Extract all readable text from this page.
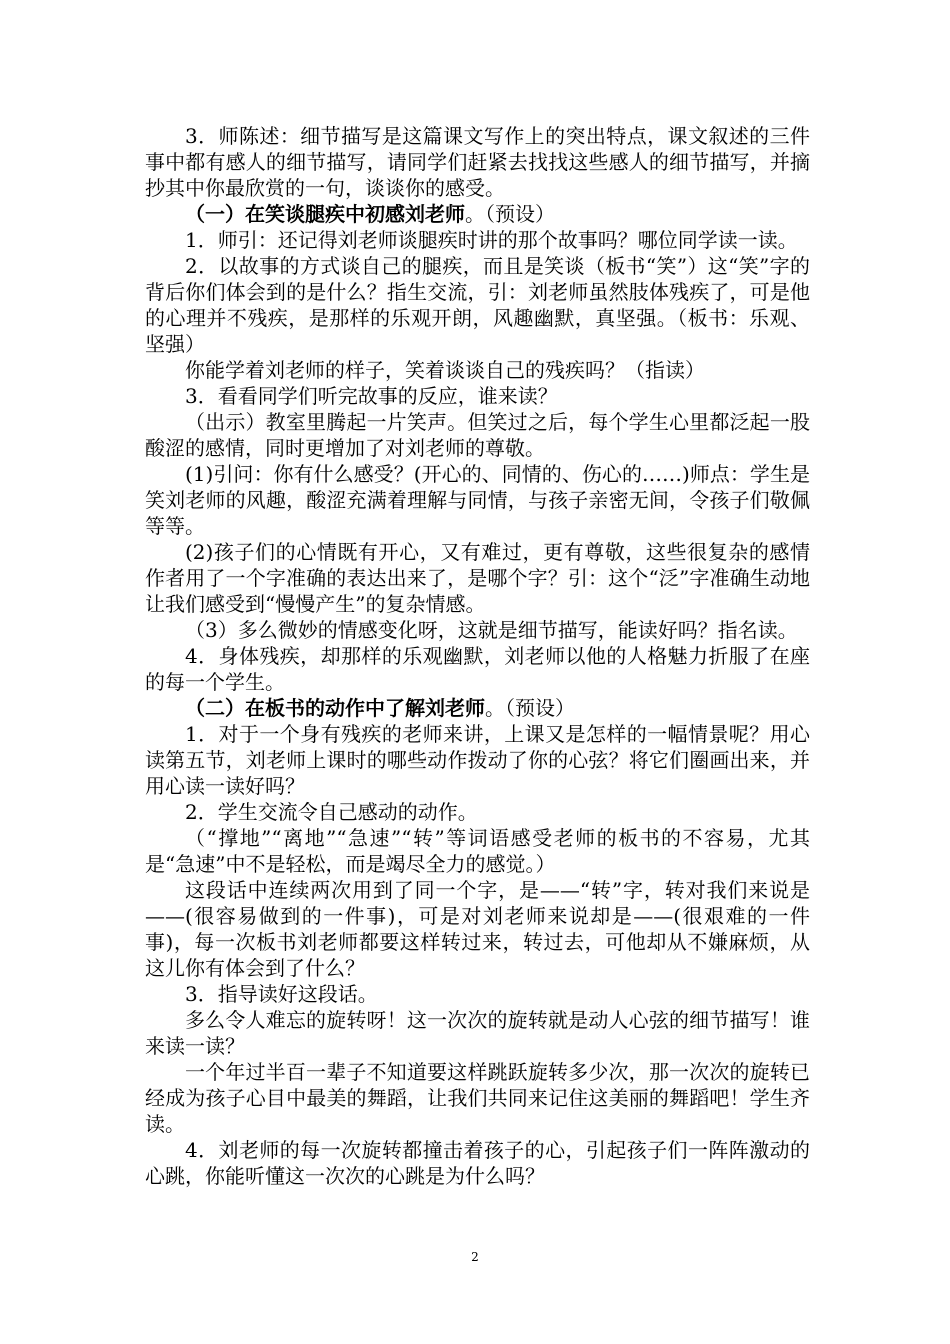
3．师陈述：细节描写是这篇课文写作上的突出特点，课文叙述的三件事中都有感人的细节描写，请同学们赶紧去找找这些感人的细节描写，并摘抄其中你最欣赏的一句，谈谈你的感受。

（一）在笑谈腿疾中初感刘老师。（预设）

1．师引：还记得刘老师谈腿疾时讲的那个故事吗？哪位同学读一读。

2．以故事的方式谈自己的腿疾，而且是笑谈（板书“笑”）这“笑”字的背后你们体会到的是什么？指生交流，引：刘老师虽然肢体残疾了，可是他的心理并不残疾，是那样的乐观开朗，风趣幽默，真坚强。（板书：乐观、坚强）

你能学着刘老师的样子，笑着谈谈自己的残疾吗？（指读）

3．看看同学们听完故事的反应，谁来读？

（出示）教室里腾起一片笑声。但笑过之后，每个学生心里都泛起一股酸涩的感情，同时更增加了对刘老师的尊敬。

(1)引问：你有什么感受？(开心的、同情的、伤心的……)师点：学生是笑刘老师的风趣，酸涩充满着理解与同情，与孩子亲密无间，令孩子们敬佩等等。

(2)孩子们的心情既有开心，又有难过，更有尊敬，这些很复杂的感情作者用了一个字准确的表达出来了，是哪个字？引：这个“泛”字准确生动地让我们感受到“慢慢产生”的复杂情感。

（3）多么微妙的情感变化呀，这就是细节描写，能读好吗？指名读。

4．身体残疾，却那样的乐观幽默，刘老师以他的人格魅力折服了在座的每一个学生。

（二）在板书的动作中了解刘老师。（预设）

1．对于一个身有残疾的老师来讲，上课又是怎样的一幅情景呢？用心读第五节，刘老师上课时的哪些动作拨动了你的心弦？将它们圈画出来，并用心读一读好吗？

2．学生交流令自己感动的动作。

（“撑地”“离地”“急速”“转”等词语感受老师的板书的不容易，尤其是“急速”中不是轻松，而是竭尽全力的感觉。）

这段话中连续两次用到了同一个字，是——“转”字，转对我们来说是——(很容易做到的一件事)，可是对刘老师来说却是——(很艰难的一件事)，每一次板书刘老师都要这样转过来，转过去，可他却从不嫌麻烦，从这儿你有体会到了什么？

3．指导读好这段话。

多么令人难忘的旋转呀！这一次次的旋转就是动人心弦的细节描写！谁来读一读？

一个年过半百一辈子不知道要这样跳跃旋转多少次，那一次次的旋转已经成为孩子心目中最美的舞蹈，让我们共同来记住这美丽的舞蹈吧！学生齐读。

4．刘老师的每一次旋转都撞击着孩子的心，引起孩子们一阵阵激动的心跳，你能听懂这一次次的心跳是为什么吗？

2
